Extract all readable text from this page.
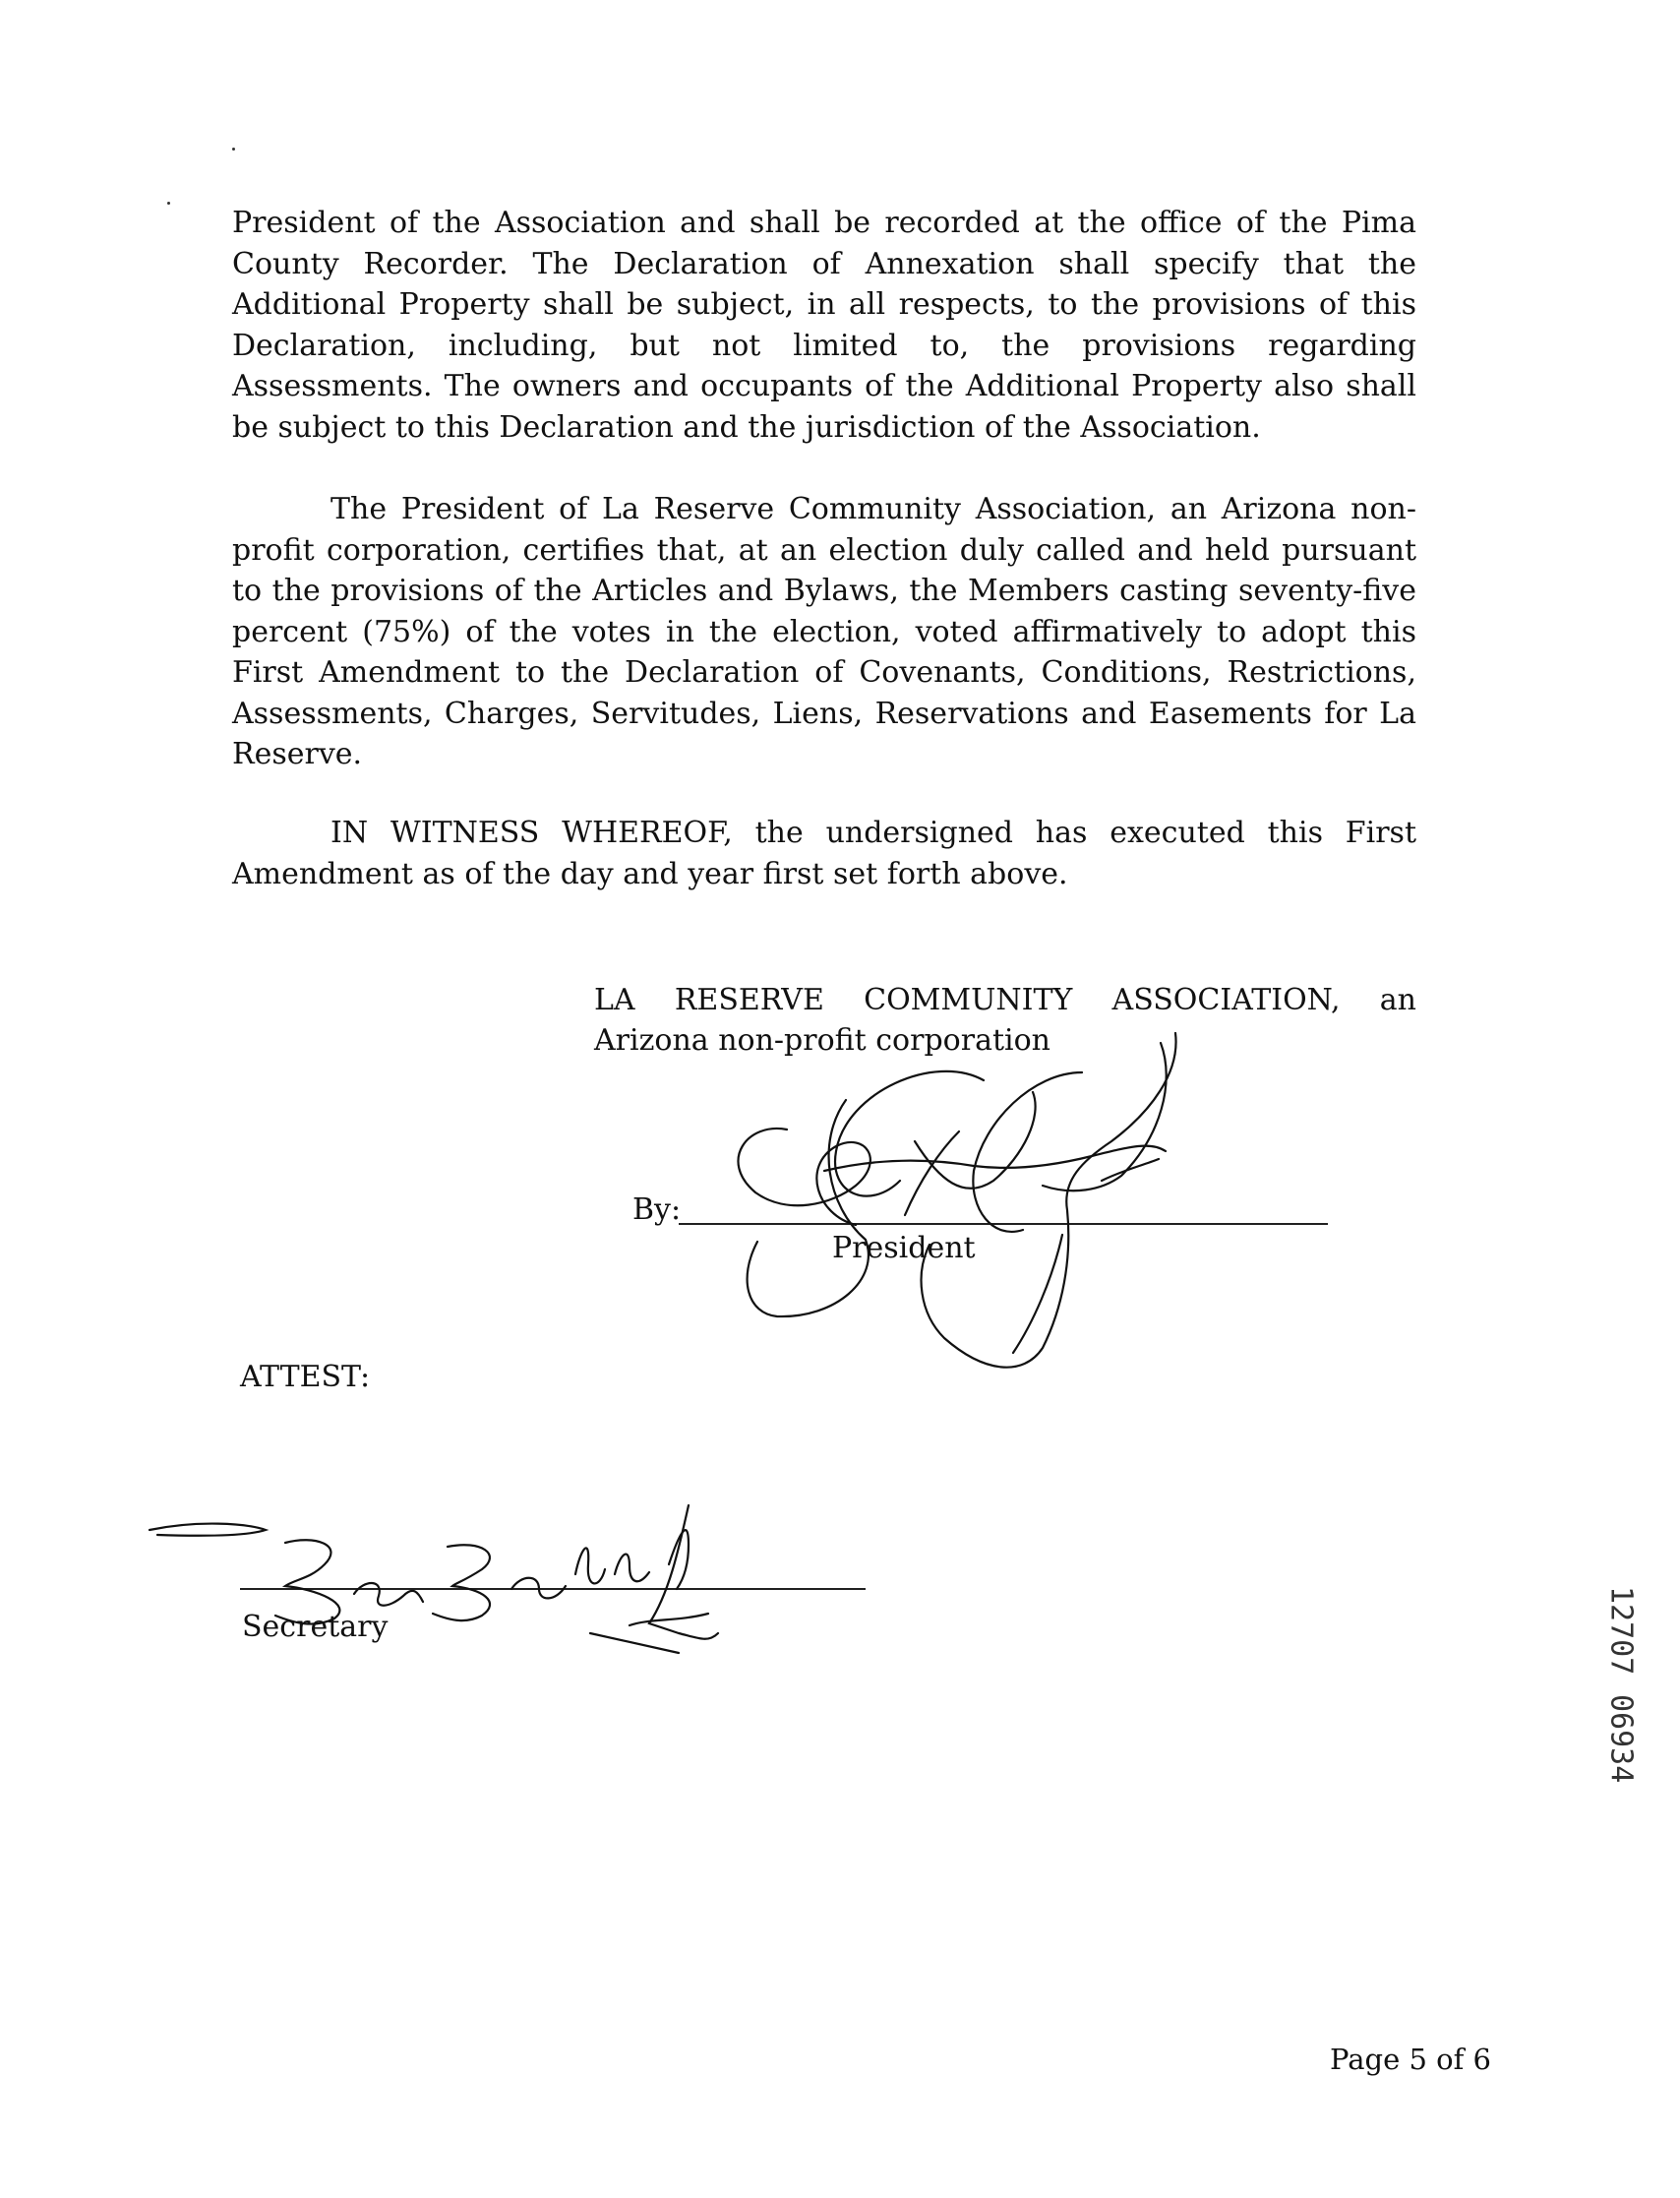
President of the Association and shall be recorded at the office of the Pima County Recorder. The Declaration of Annexation shall specify that the Additional Property shall be subject, in all respects, to the provisions of this Declaration, including, but not limited to, the provisions regarding Assessments. The owners and occupants of the Additional Property also shall be subject to this Declaration and the jurisdiction of the Association.

The President of La Reserve Community Association, an Arizona non-profit corporation, certifies that, at an election duly called and held pursuant to the provisions of the Articles and Bylaws, the Members casting seventy-five percent (75%) of the votes in the election, voted affirmatively to adopt this First Amendment to the Declaration of Covenants, Conditions, Restrictions, Assessments, Charges, Servitudes, Liens, Reservations and Easements for La Reserve.

IN WITNESS WHEREOF, the undersigned has executed this First Amendment as of the day and year first set forth above.

LA RESERVE COMMUNITY ASSOCIATION, an Arizona non-profit corporation

By:
President
ATTEST:
Secretary	12707
06934
Page 5 of 6
